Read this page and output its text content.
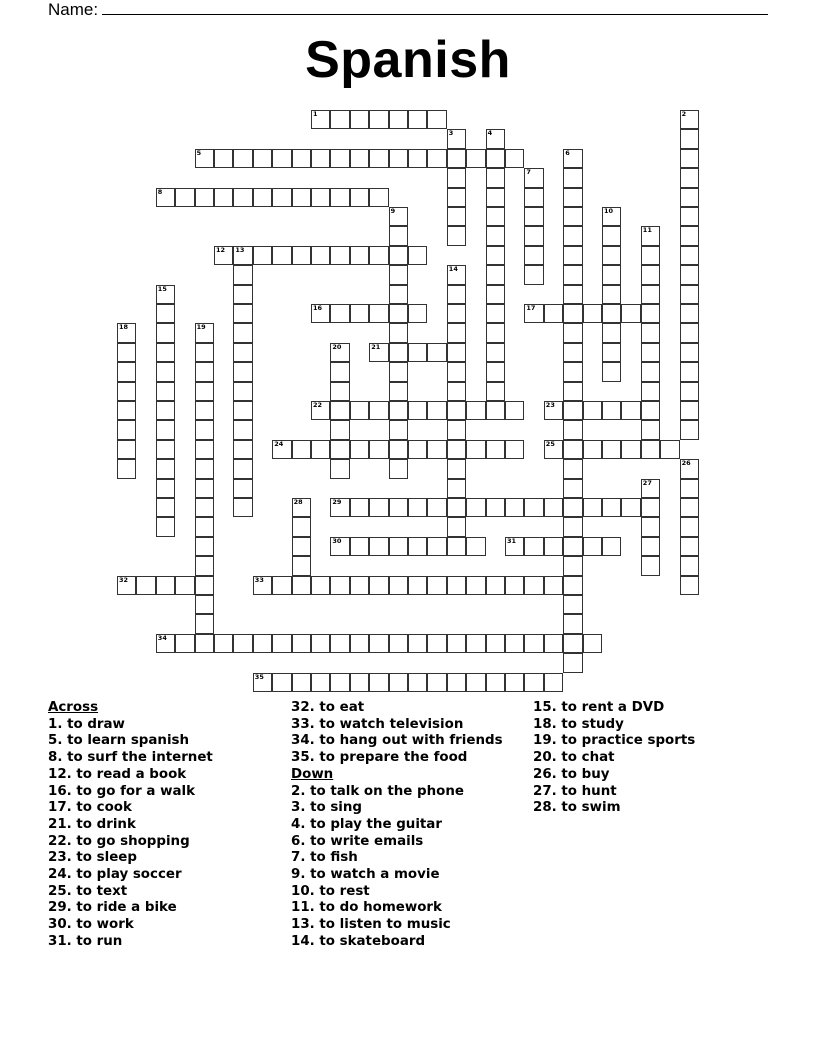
Name:
Spanish
1
5
8
12 13
16	17
21
22	23
24	25
29
30	31
32	33
34
35
2
3	4
6
7
9	10
11
14
15
18	19
20
26
27
28
Across
1. to draw
5. to learn spanish
8. to surf the internet
12. to read a book
16. to go for a walk
17. to cook
21. to drink
22. to go shopping
23. to sleep
24. to play soccer
25. to text
29. to ride a bike
30. to work
31. to run
32. to eat
33. to watch television
34. to hang out with friends
35. to prepare the food
Down
2. to talk on the phone
3. to sing
4. to play the guitar
6. to write emails
7. to fish
9. to watch a movie
10. to rest
11. to do homework
13. to listen to music
14. to skateboard
15. to rent a DVD
18. to study
19. to practice sports
20. to chat
26. to buy
27. to hunt
28. to swim
